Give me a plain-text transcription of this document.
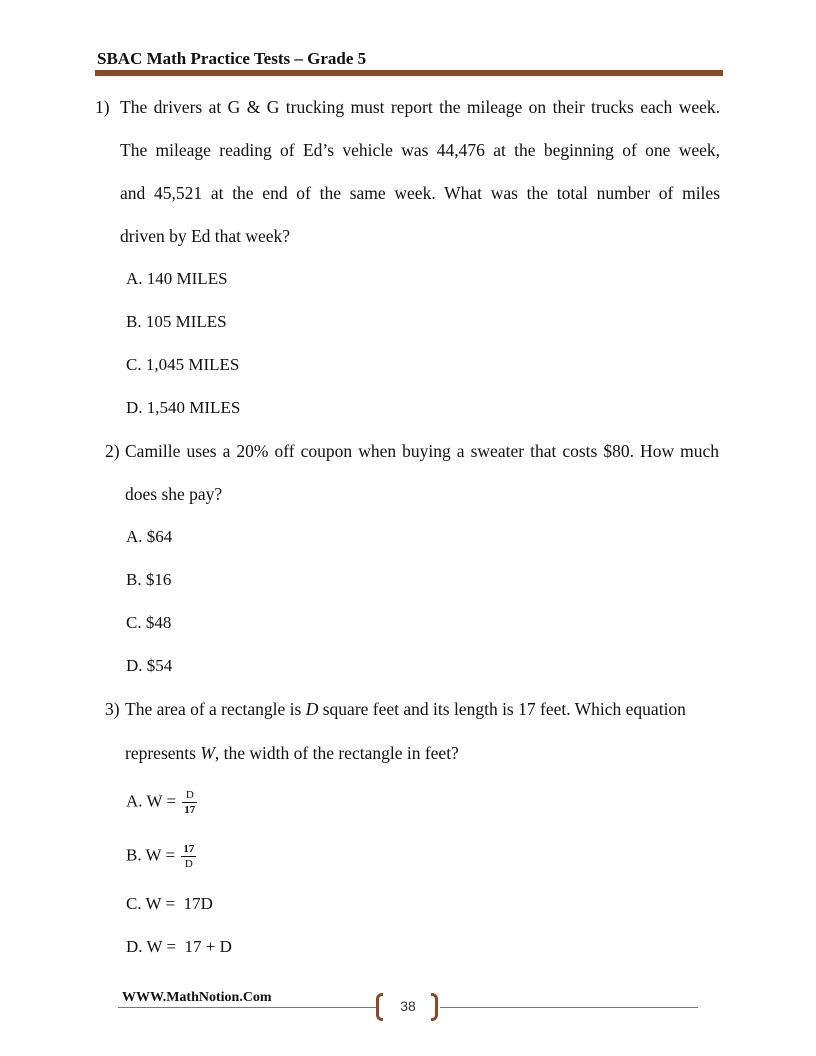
SBAC Math Practice Tests – Grade 5
1) The drivers at G & G trucking must report the mileage on their trucks each week.
The mileage reading of Ed’s vehicle was 44,476 at the beginning of one week,
and 45,521 at the end of the same week. What was the total number of miles
driven by Ed that week?
A. 140 MILES
B. 105 MILES
C. 1,045 MILES
D. 1,540 MILES
2) Camille uses a 20% off coupon when buying a sweater that costs $80. How much
does she pay?
A. $64
B. $16
C. $48
D. $54
3) The area of a rectangle is D square feet and its length is 17 feet. Which equation
represents W, the width of the rectangle in feet?
A. $W = \frac{D}{17}$
B. $W = \frac{17}{D}$
C. W =  17D
D. W =  17 + D
WWW.MathNotion.Com
38
